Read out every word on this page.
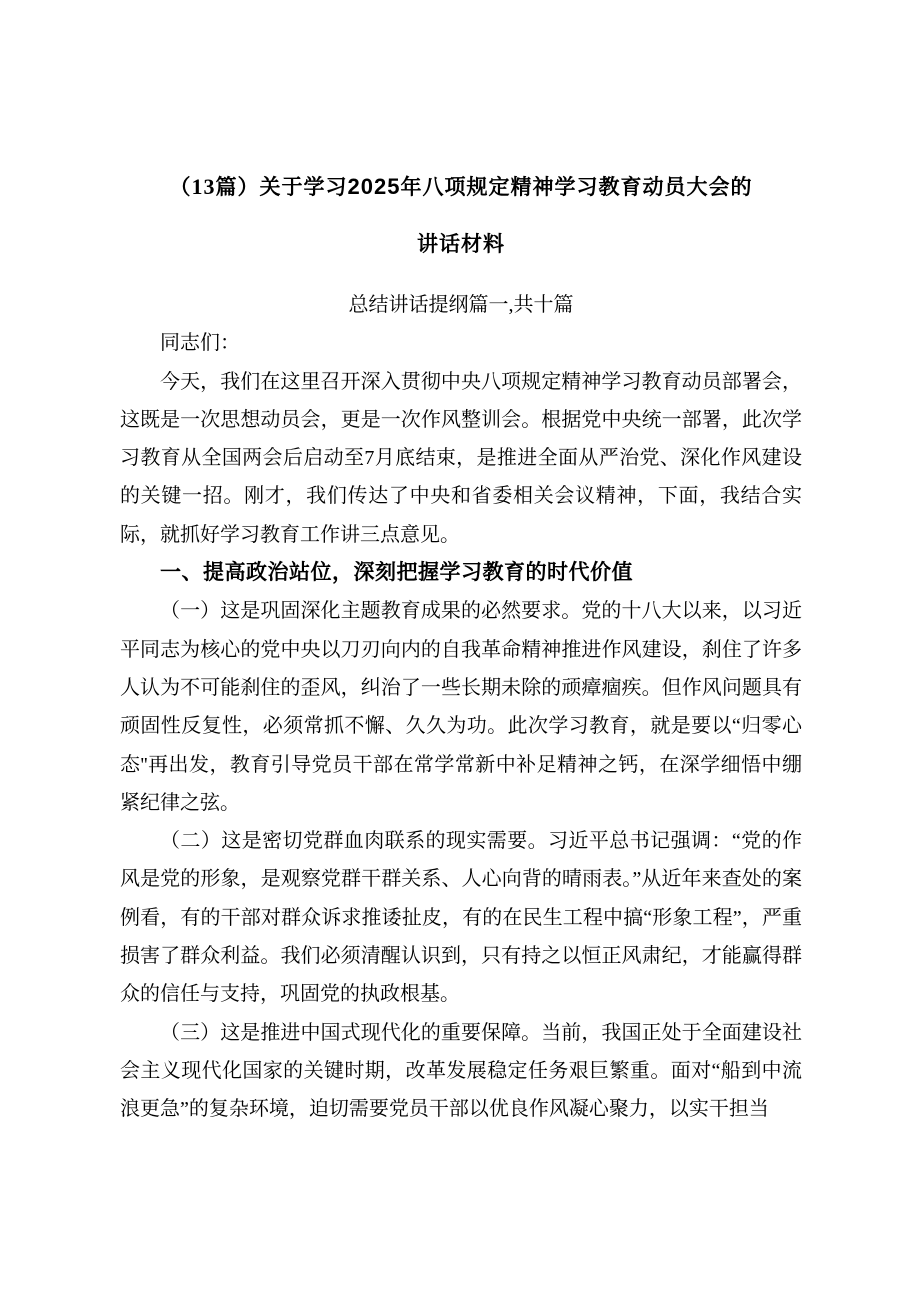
（13篇）关于学习2025年八项规定精神学习教育动员大会的
讲话材料

总结讲话提纲篇一,共十篇

同志们：

今天，我们在这里召开深入贯彻中央八项规定精神学习教育动员部署会，这既是一次思想动员会，更是一次作风整训会。根据党中央统一部署，此次学习教育从全国两会后启动至7月底结束，是推进全面从严治党、深化作风建设的关键一招。刚才，我们传达了中央和省委相关会议精神，下面，我结合实际，就抓好学习教育工作讲三点意见。

一、提高政治站位，深刻把握学习教育的时代价值

（一）这是巩固深化主题教育成果的必然要求。党的十八大以来，以习近平同志为核心的党中央以刀刃向内的自我革命精神推进作风建设，刹住了许多人认为不可能刹住的歪风，纠治了一些长期未除的顽瘴痼疾。但作风问题具有顽固性反复性，必须常抓不懈、久久为功。此次学习教育，就是要以“归零心态''再出发，教育引导党员干部在常学常新中补足精神之钙，在深学细悟中绷紧纪律之弦。

（二）这是密切党群血肉联系的现实需要。习近平总书记强调：“党的作风是党的形象，是观察党群干群关系、人心向背的晴雨表。”从近年来查处的案例看，有的干部对群众诉求推诿扯皮，有的在民生工程中搞“形象工程”，严重损害了群众利益。我们必须清醒认识到，只有持之以恒正风肃纪，才能赢得群众的信任与支持，巩固党的执政根基。

（三）这是推进中国式现代化的重要保障。当前，我国正处于全面建设社会主义现代化国家的关键时期，改革发展稳定任务艰巨繁重。面对“船到中流浪更急”的复杂环境，迫切需要党员干部以优良作风凝心聚力，以实干担当
